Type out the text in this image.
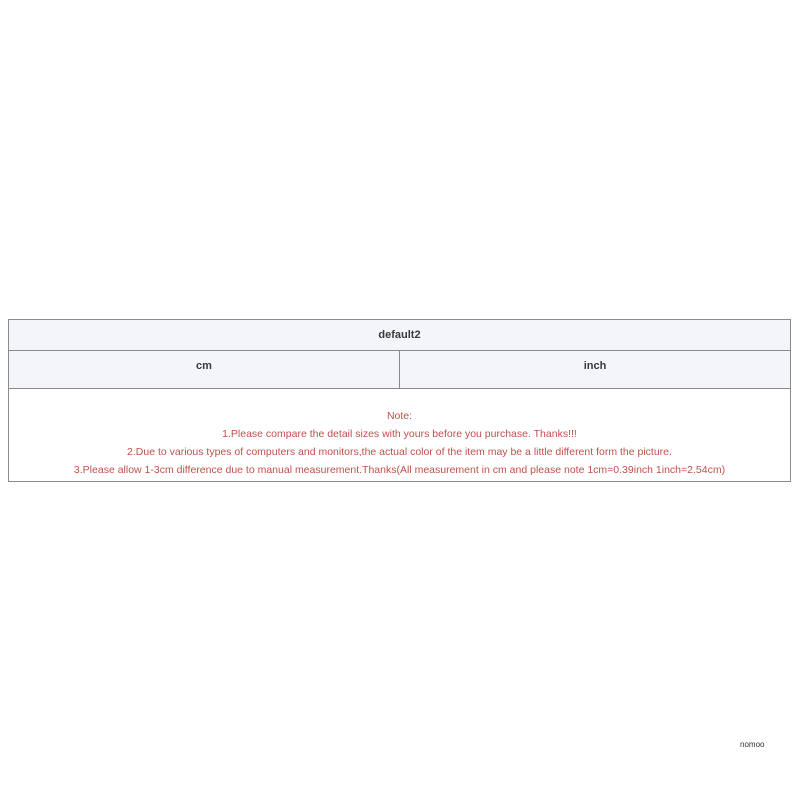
default2
cm	inch
Note:
1.Please compare the detail sizes with yours before you purchase. Thanks!!!
2.Due to various types of computers and monitors,the actual color of the item may be a little different form the picture.
3.Please allow 1-3cm difference due to manual measurement.Thanks(All measurement in cm and please note 1cm=0.39inch 1inch=2.54cm)
nomoo
